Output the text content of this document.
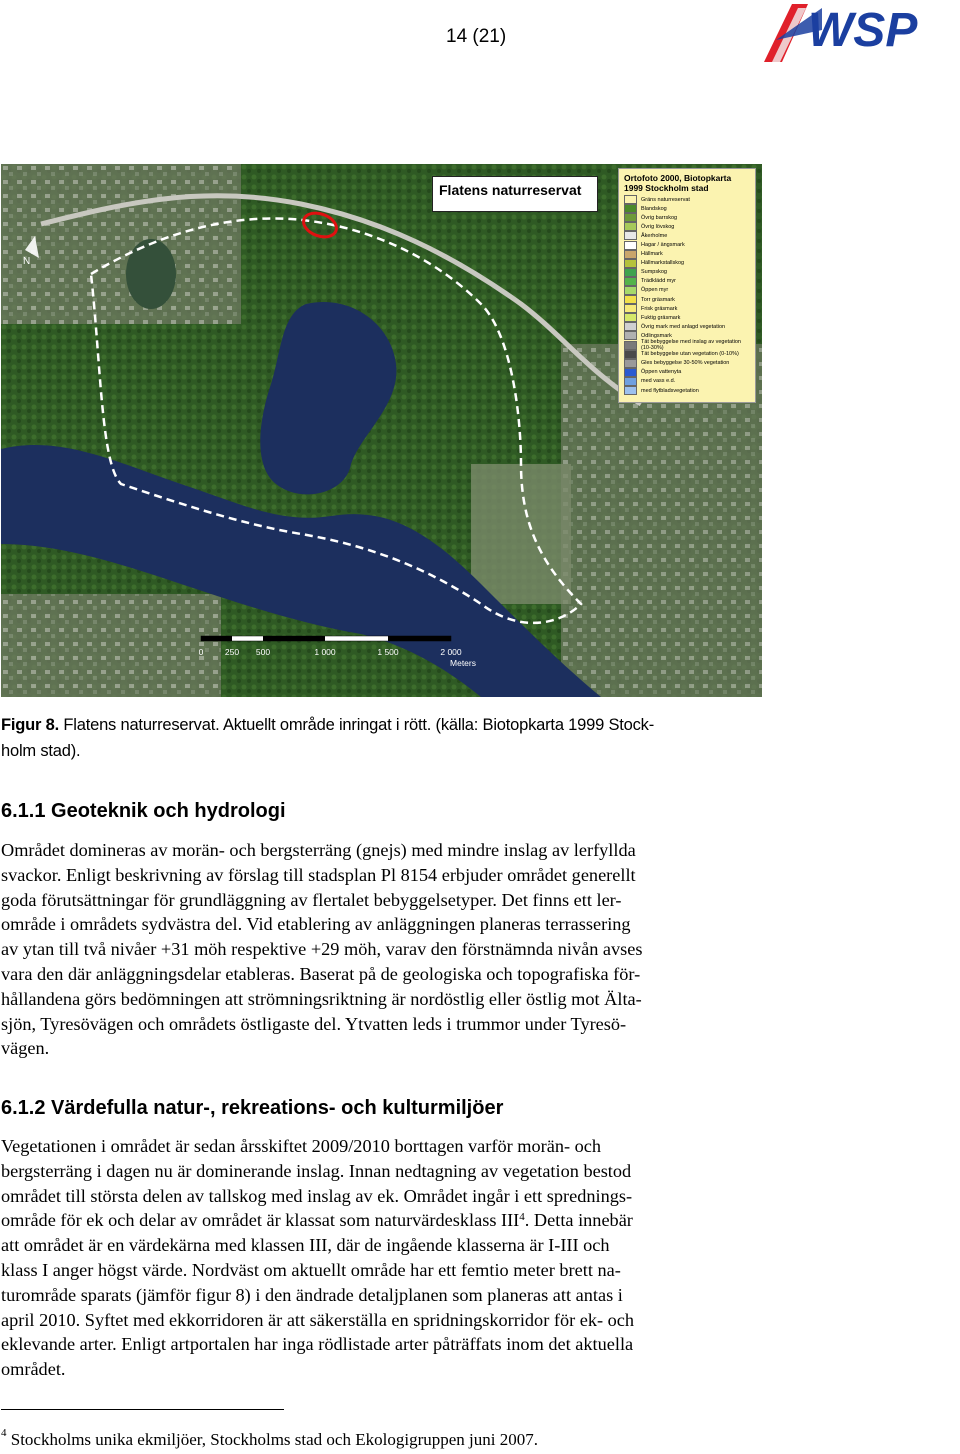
14 (21)	WSP
N
Flatens naturreservat
Ortofoto 2000, Biotopkarta 1999 Stockholm stad
Gräns naturreservat
Blandskog
Övrig barrskog
Övrig lövskog
Åkerholme
Hagar / ängsmark
Hällmark
Hällmarkstallskog
Sumpskog
Trädklädd myr
Öppen myr
Torr gräsmark
Frisk gräsmark
Fuktig gräsmark
Övrig mark med anlagd vegetation
Odlingsmark
Tät bebyggelse med inslag av vegetation (10-30%)
Tät bebyggelse utan vegetation (0-10%)
Gles bebyggelse 30-50% vegetation
Öppen vattenyta
med vass e.d.
med flytbladsvegetation
0	250 500	1 000	1 500	2 000
Meters
Figur 8. Flatens naturreservat. Aktuellt område inringat i rött. (källa: Biotopkarta 1999 Stock-
holm stad).
6.1.1 Geoteknik och hydrologi
Området domineras av morän- och bergsterräng (gnejs) med mindre inslag av lerfyllda
svackor. Enligt beskrivning av förslag till stadsplan Pl 8154 erbjuder området generellt
goda förutsättningar för grundläggning av flertalet bebyggelsetyper. Det finns ett ler-
område i områdets sydvästra del. Vid etablering av anläggningen planeras terrassering
av ytan till två nivåer +31 möh respektive +29 möh, varav den förstnämnda nivån avses
vara den där anläggningsdelar etableras. Baserat på de geologiska och topografiska för-
hållandena görs bedömningen att strömningsriktning är nordöstlig eller östlig mot Älta-
sjön, Tyresövägen och områdets östligaste del. Ytvatten leds i trummor under Tyresö-
vägen.
6.1.2 Värdefulla natur-, rekreations- och kulturmiljöer
Vegetationen i området är sedan årsskiftet 2009/2010 borttagen varför morän- och
bergsterräng i dagen nu är dominerande inslag. Innan nedtagning av vegetation bestod
området till största delen av tallskog med inslag av ek. Området ingår i ett sprednings-
område för ek och delar av området är klassat som naturvärdesklass III$^4$. Detta innebär
att området är en värdekärna med klassen III, där de ingående klasserna är I-III och
klass I anger högst värde. Nordväst om aktuellt område har ett femtio meter brett na-
turområde sparats (jämför figur 8) i den ändrade detaljplanen som planeras att antas i
april 2010. Syftet med ekkorridoren är att säkerställa en spridningskorridor för ek- och
eklevande arter. Enligt artportalen har inga rödlistade arter påträffats inom det aktuella
området.
$^4$ Stockholms unika ekmiljöer, Stockholms stad och Ekologigruppen juni 2007.
